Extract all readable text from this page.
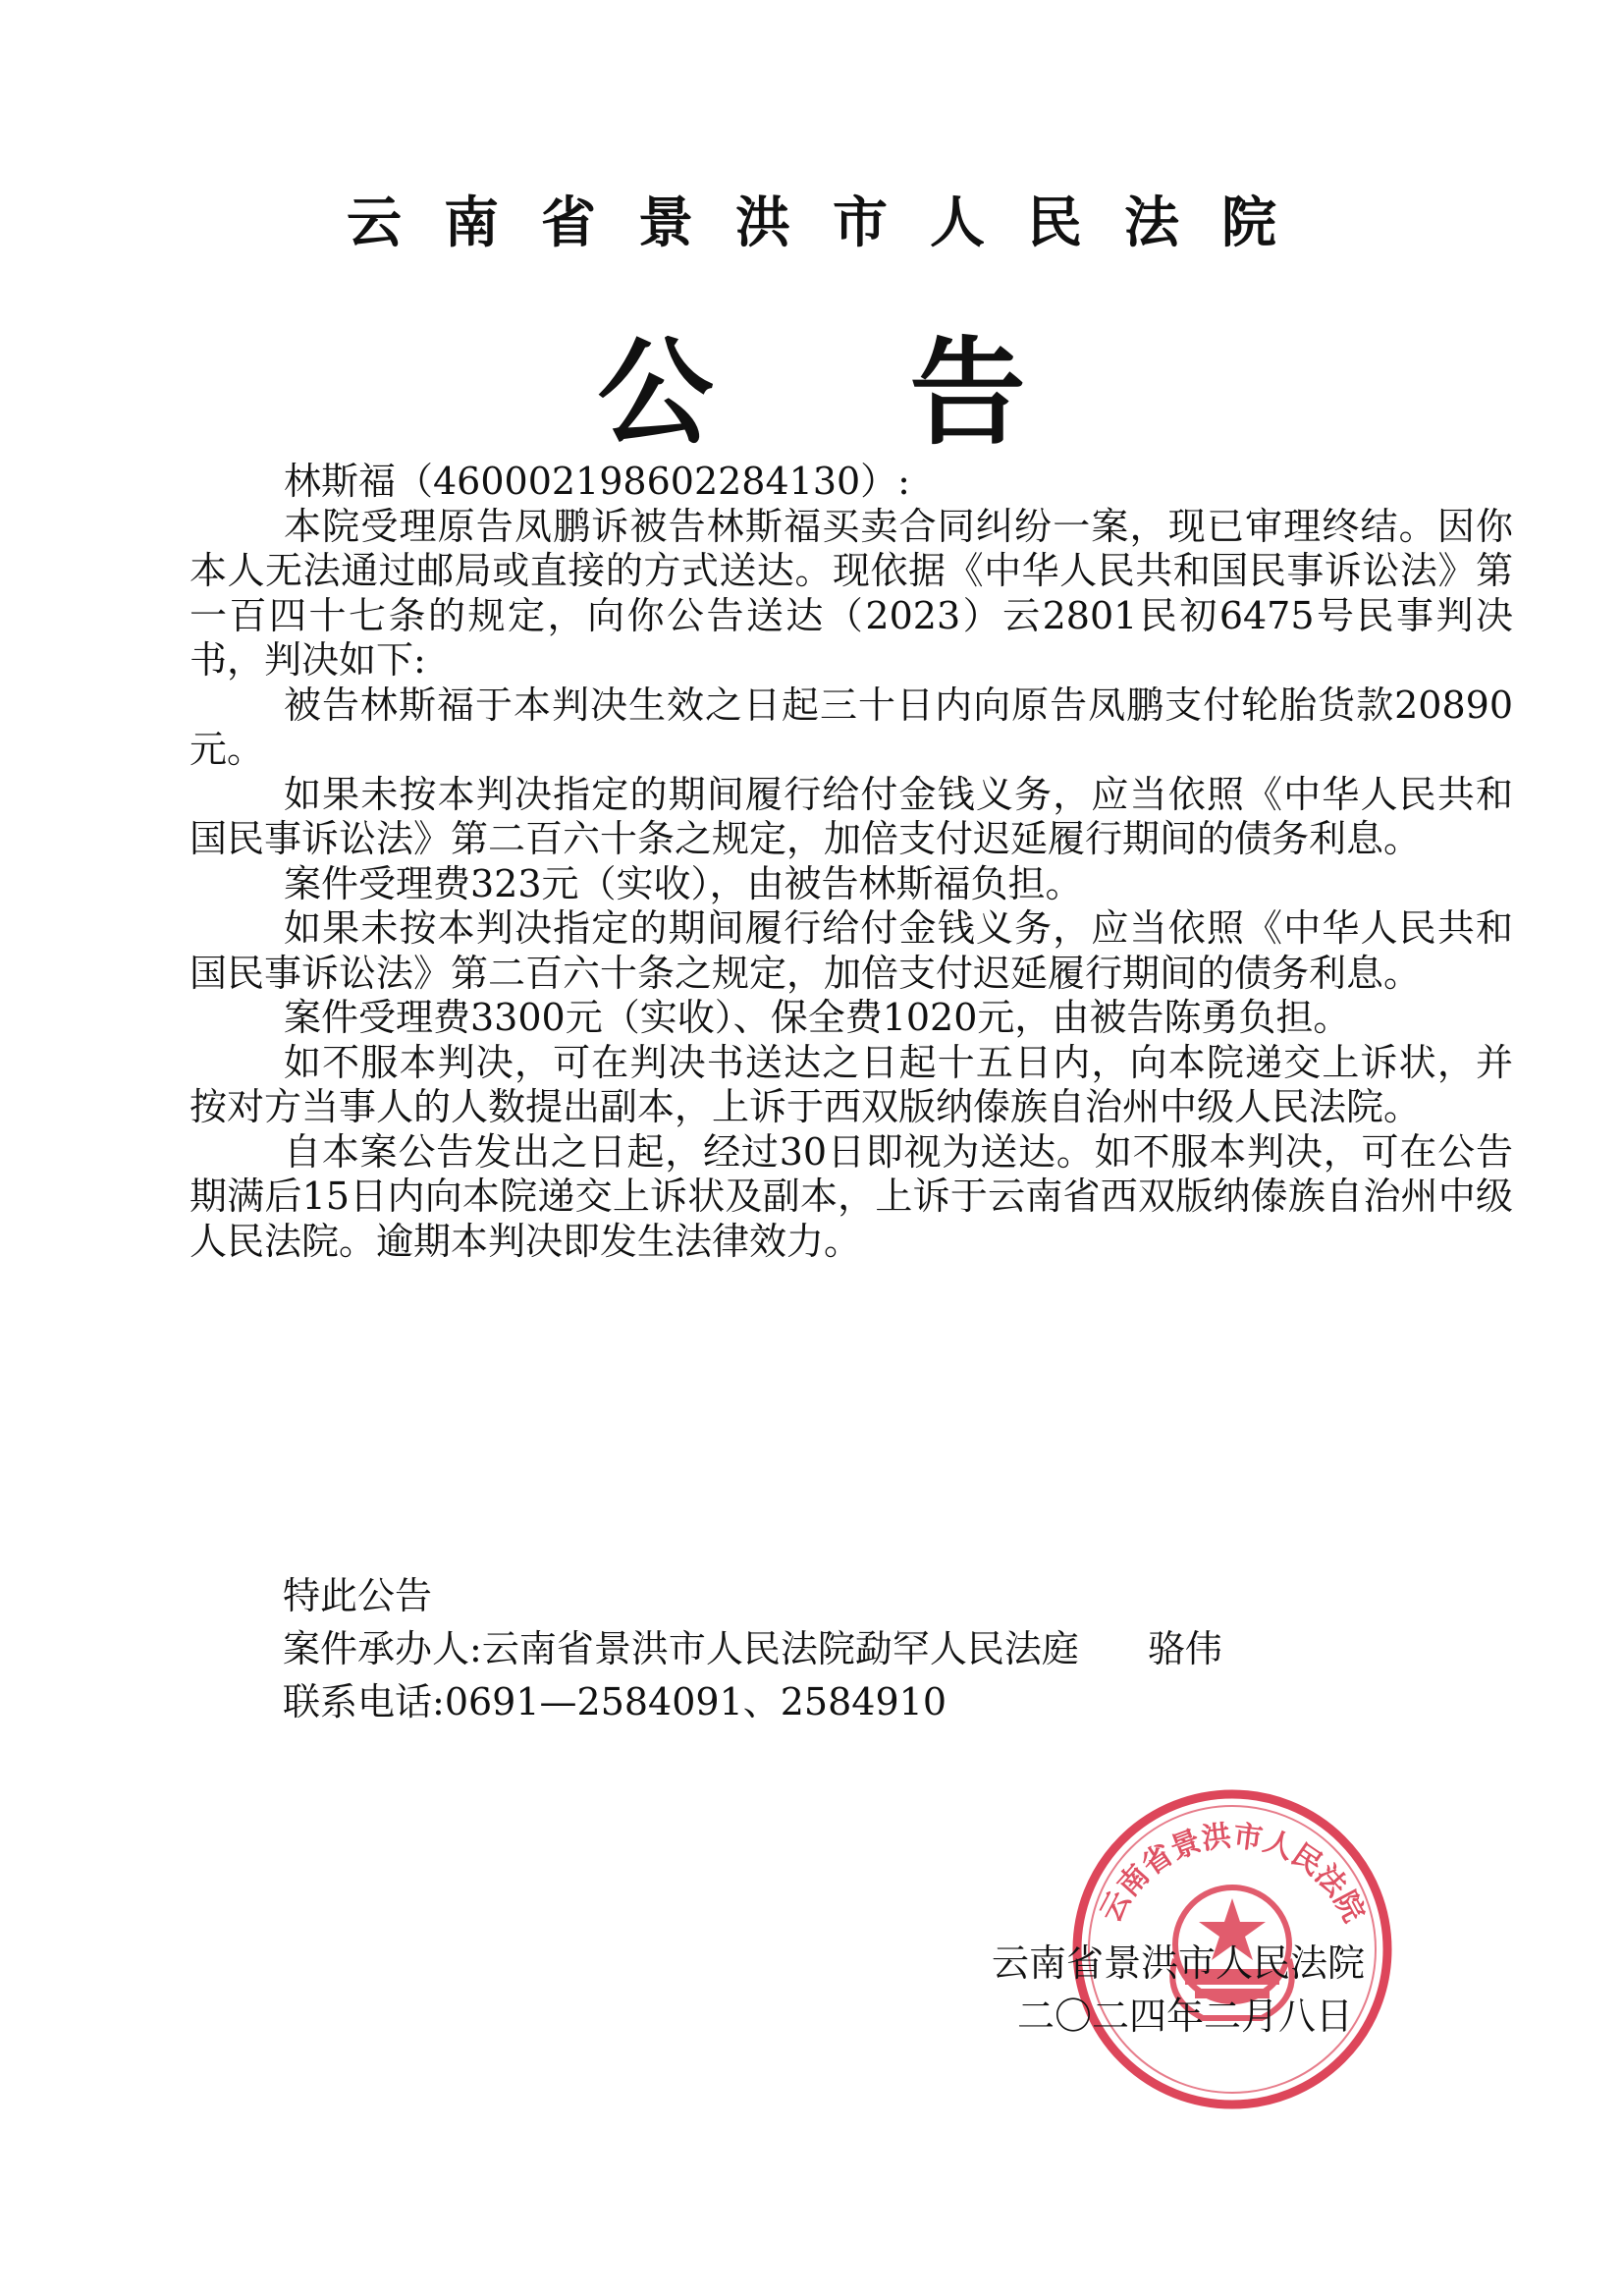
云南省景洪市人民法院
公告

林斯福（460002198602284130）:

本院受理原告凤鹏诉被告林斯福买卖合同纠纷一案，现已审理终结。因你本人无法通过邮局或直接的方式送达。现依据《中华人民共和国民事诉讼法》第一百四十七条的规定，向你公告送达（2023）云2801民初6475号民事判决书，判决如下:

被告林斯福于本判决生效之日起三十日内向原告凤鹏支付轮胎货款20890元。

如果未按本判决指定的期间履行给付金钱义务，应当依照《中华人民共和国民事诉讼法》第二百六十条之规定，加倍支付迟延履行期间的债务利息。

案件受理费323元（实收），由被告林斯福负担。

如果未按本判决指定的期间履行给付金钱义务，应当依照《中华人民共和国民事诉讼法》第二百六十条之规定，加倍支付迟延履行期间的债务利息。

案件受理费3300元（实收）、保全费1020元，由被告陈勇负担。

如不服本判决，可在判决书送达之日起十五日内，向本院递交上诉状，并按对方当事人的人数提出副本，上诉于西双版纳傣族自治州中级人民法院。

自本案公告发出之日起，经过30日即视为送达。如不服本判决，可在公告期满后15日内向本院递交上诉状及副本，上诉于云南省西双版纳傣族自治州中级人民法院。逾期本判决即发生法律效力。

特此公告
案件承办人:云南省景洪市人民法院勐罕人民法庭 骆伟
联系电话:0691—2584091、2584910
云南省景洪市人民法院
云南省景洪市人民法院
二〇二四年二月八日
